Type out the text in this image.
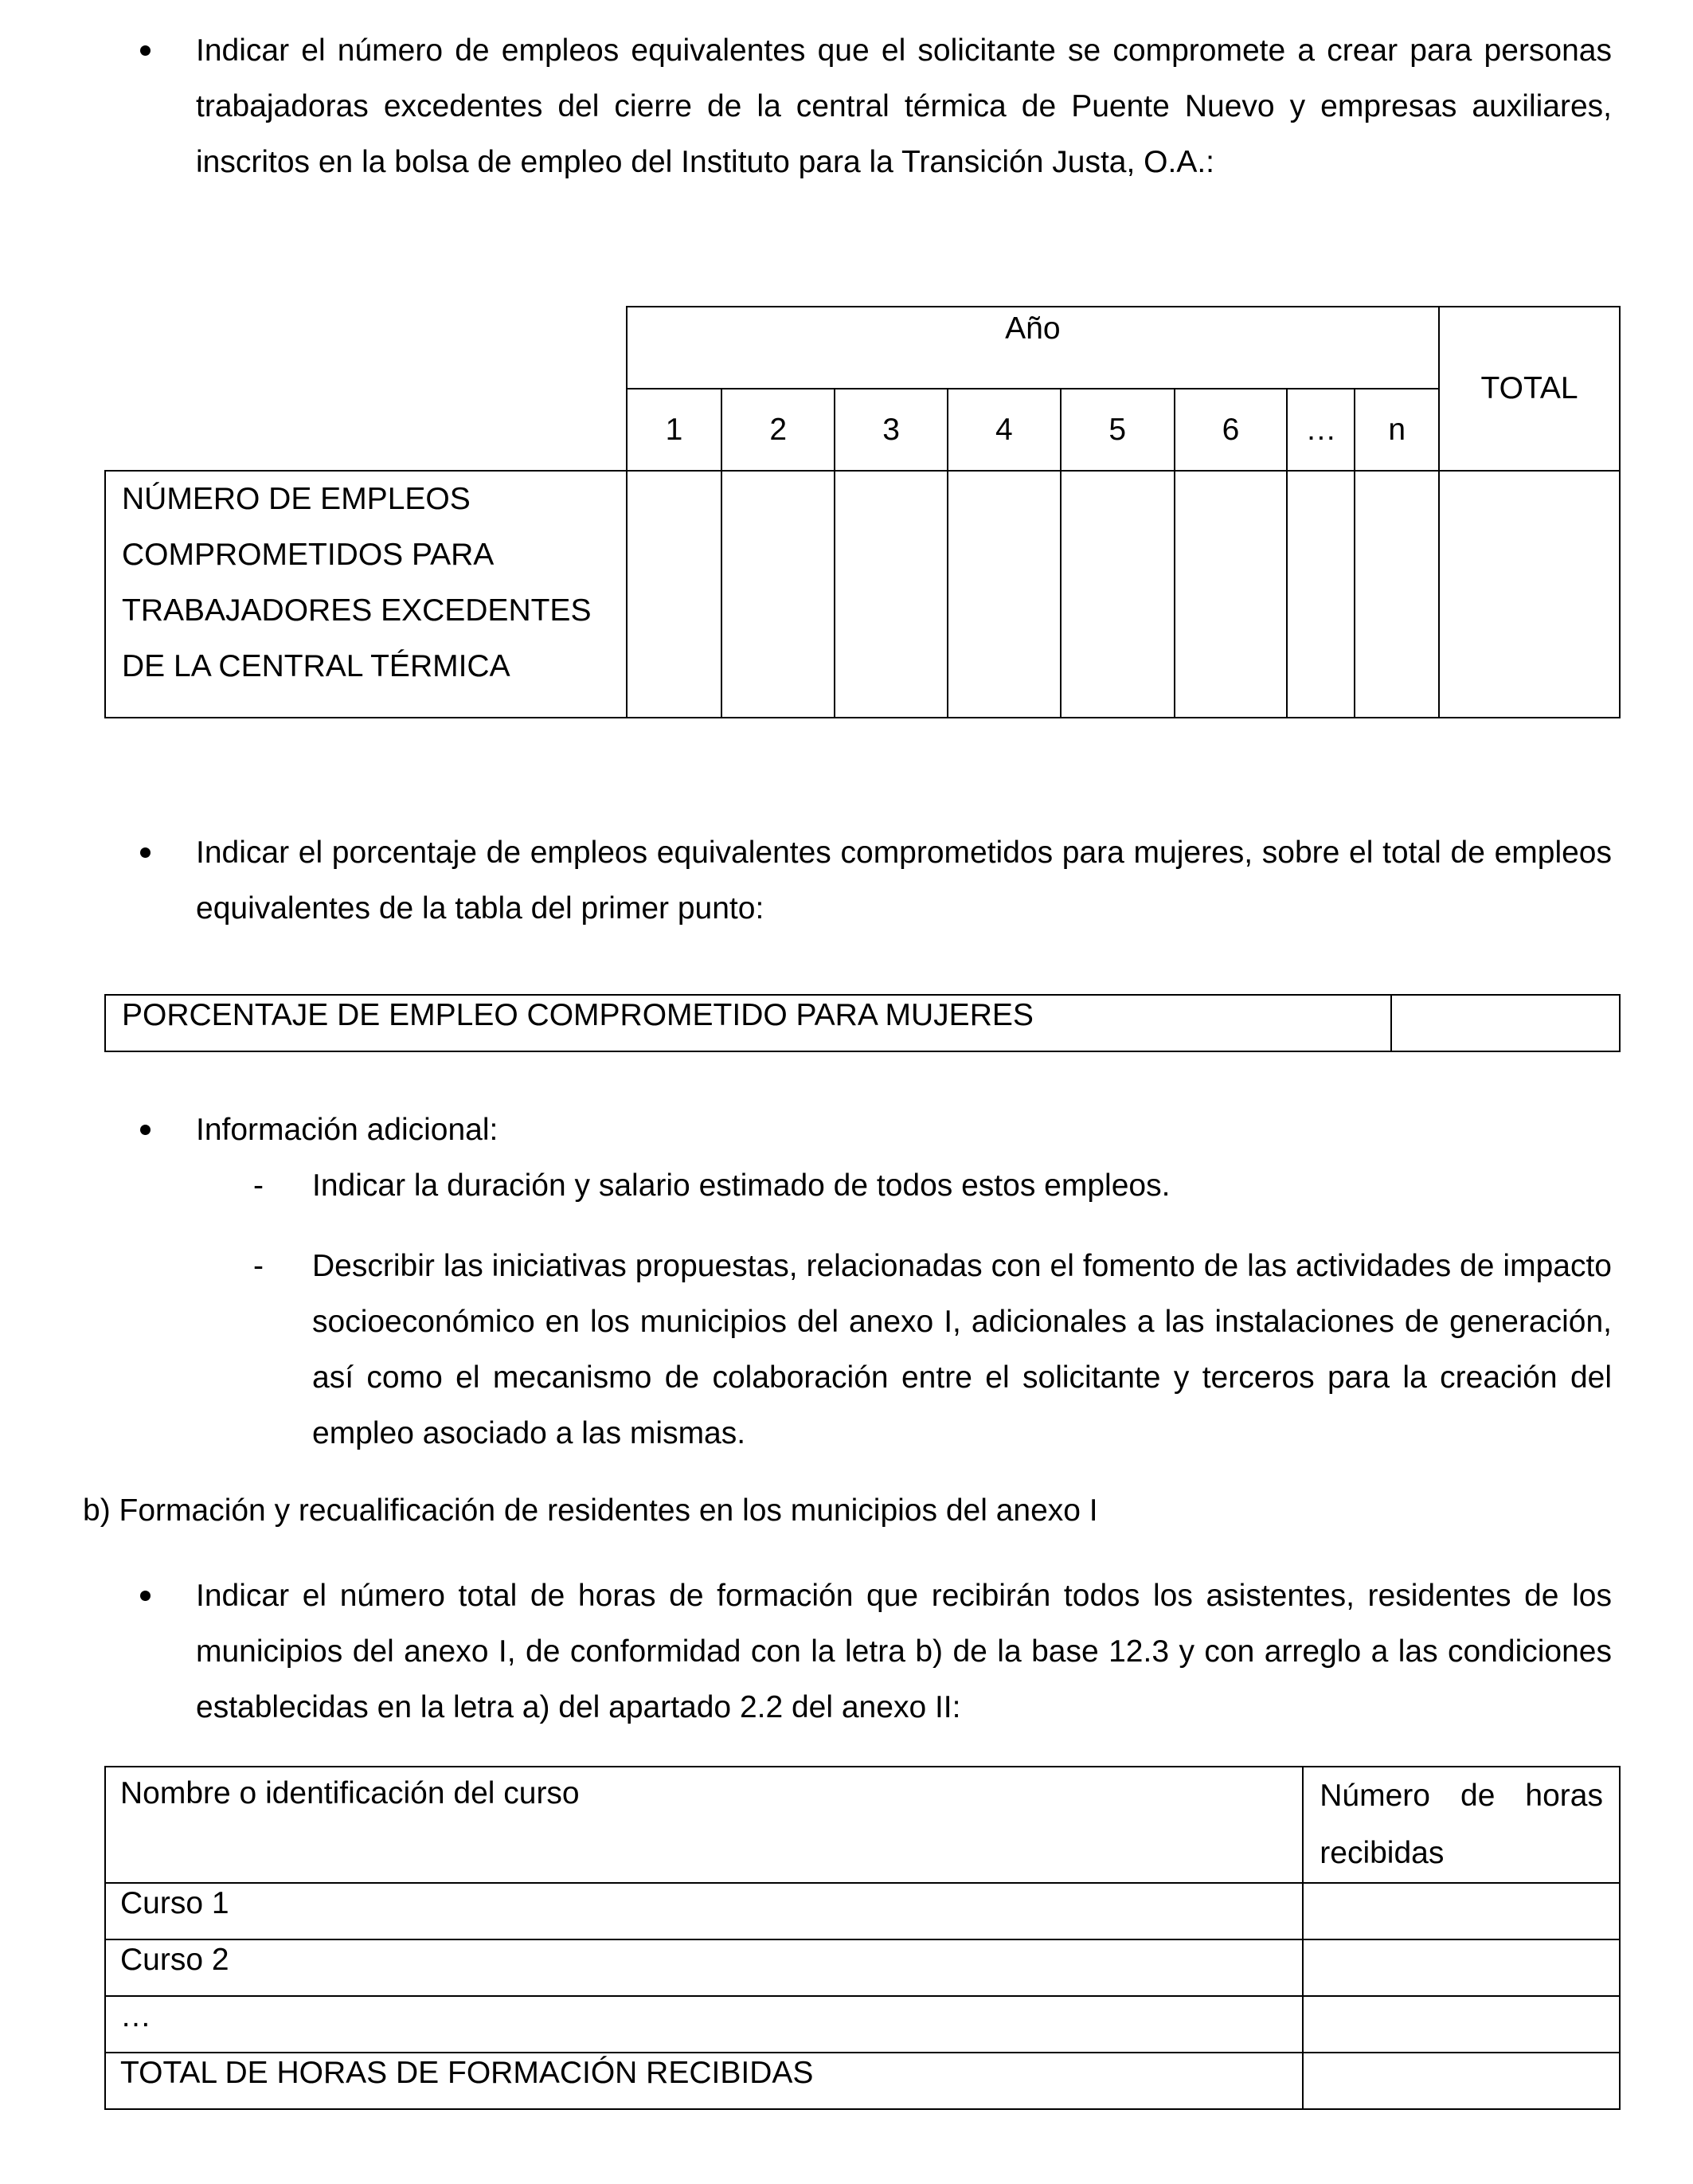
Indicar el número de empleos equivalentes que el solicitante se compromete a crear para personas trabajadoras excedentes del cierre de la central térmica de Puente Nuevo y empresas auxiliares, inscritos en la bolsa de empleo del Instituto para la Transición Justa, O.A.:
	Año								TOTAL
	1	2	3	4	5	6	…	n	

NÚMERO DE EMPLEOS
COMPROMETIDOS PARA
TRABAJADORES EXCEDENTES
DE LA CENTRAL TÉRMICA									

Indicar el porcentaje de empleos equivalentes comprometidos para mujeres, sobre el total de empleos equivalentes de la tabla del primer punto:
PORCENTAJE DE EMPLEO COMPROMETIDO PARA MUJERES	
Información adicional:
- Indicar la duración y salario estimado de todos estos empleos.
- Describir las iniciativas propuestas, relacionadas con el fomento de las actividades de impacto socioeconómico en los municipios del anexo I, adicionales a las instalaciones de generación, así como el mecanismo de colaboración entre el solicitante y terceros para la creación del empleo asociado a las mismas.
b) Formación y recualificación de residentes en los municipios del anexo I
Indicar el número total de horas de formación que recibirán todos los asistentes, residentes de los municipios del anexo I, de conformidad con la letra b) de la base 12.3 y con arreglo a las condiciones establecidas en la letra a) del apartado 2.2 del anexo II:
Nombre o identificación del curso	Número de horas recibidas
Curso 1	
Curso 2	
…	
TOTAL DE HORAS DE FORMACIÓN RECIBIDAS	
